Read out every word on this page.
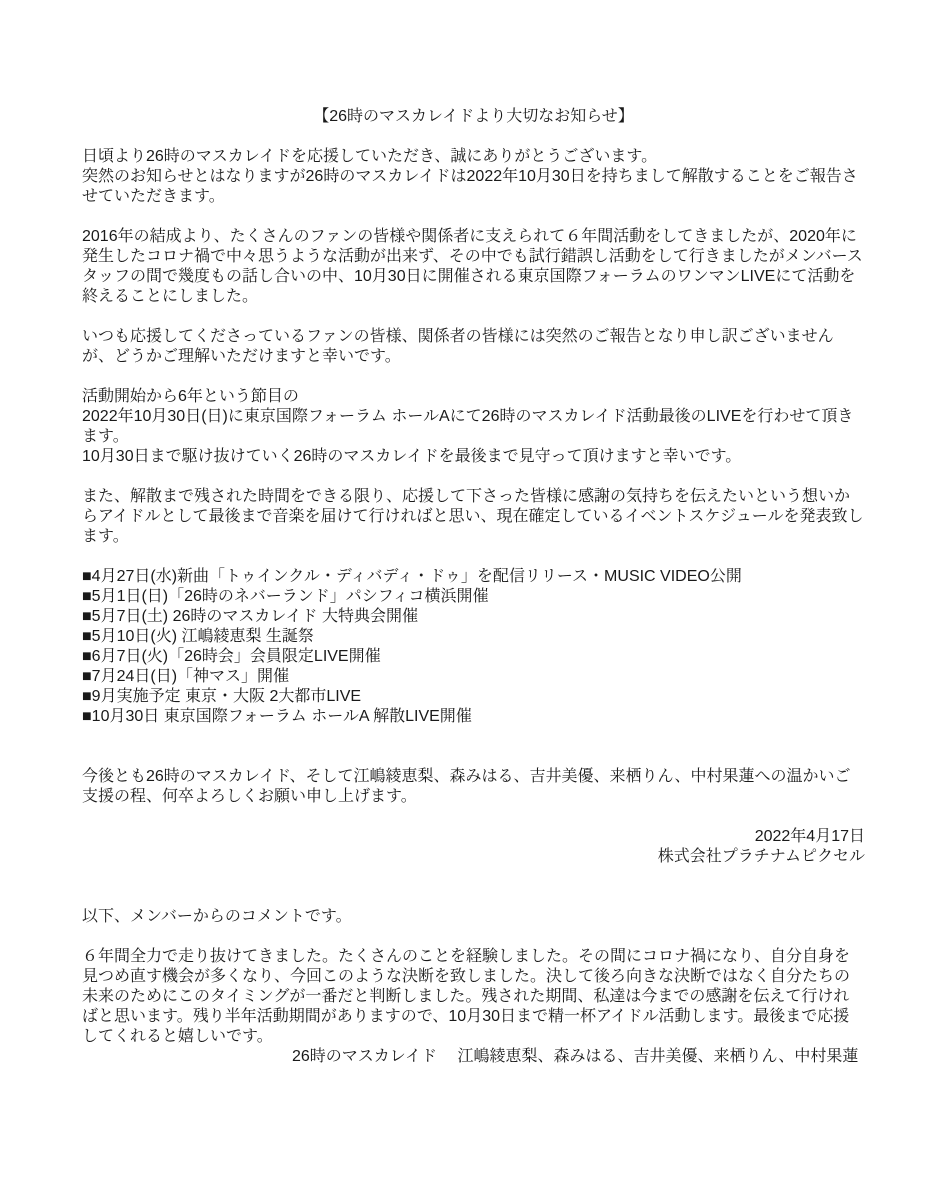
【26時のマスカレイドより大切なお知らせ】
日頃より26時のマスカレイドを応援していただき、誠にありがとうございます。
突然のお知らせとはなりますが26時のマスカレイドは2022年10月30日を持ちまして解散することをご報告させていただきます。
2016年の結成より、たくさんのファンの皆様や関係者に支えられて６年間活動をしてきましたが、2020年に発生したコロナ禍で中々思うような活動が出来ず、その中でも試行錯誤し活動をして行きましたがメンバースタッフの間で幾度もの話し合いの中、10月30日に開催される東京国際フォーラムのワンマンLIVEにて活動を終えることにしました。
いつも応援してくださっているファンの皆様、関係者の皆様には突然のご報告となり申し訳ございませんが、どうかご理解いただけますと幸いです。
活動開始から6年という節目の
2022年10月30日(日)に東京国際フォーラム ホールAにて26時のマスカレイド活動最後のLIVEを行わせて頂きます。
10月30日まで駆け抜けていく26時のマスカレイドを最後まで見守って頂けますと幸いです。
また、解散まで残された時間をできる限り、応援して下さった皆様に感謝の気持ちを伝えたいという想いからアイドルとして最後まで音楽を届けて行ければと思い、現在確定しているイベントスケジュールを発表致します。
■4月27日(水)新曲「トゥインクル・ディバディ・ドゥ」を配信リリース・MUSIC VIDEO公開
■5月1日(日)「26時のネバーランド」パシフィコ横浜開催
■5月7日(土) 26時のマスカレイド 大特典会開催
■5月10日(火) 江嶋綾恵梨 生誕祭
■6月7日(火)「26時会」会員限定LIVE開催
■7月24日(日)「神マス」開催
■9月実施予定 東京・大阪 2大都市LIVE
■10月30日 東京国際フォーラム ホールA 解散LIVE開催
今後とも26時のマスカレイド、そして江嶋綾恵梨、森みはる、吉井美優、来栖りん、中村果蓮への温かいご支援の程、何卒よろしくお願い申し上げます。
2022年4月17日
株式会社プラチナムピクセル
以下、メンバーからのコメントです。
６年間全力で走り抜けてきました。たくさんのことを経験しました。その間にコロナ禍になり、自分自身を見つめ直す機会が多くなり、今回このような決断を致しました。決して後ろ向きな決断ではなく自分たちの未来のためにこのタイミングが一番だと判断しました。残された期間、私達は今までの感謝を伝えて行ければと思います。残り半年活動期間がありますので、10月30日まで精一杯アイドル活動します。最後まで応援してくれると嬉しいです。
26時のマスカレイド　 江嶋綾恵梨、森みはる、吉井美優、来栖りん、中村果蓮
